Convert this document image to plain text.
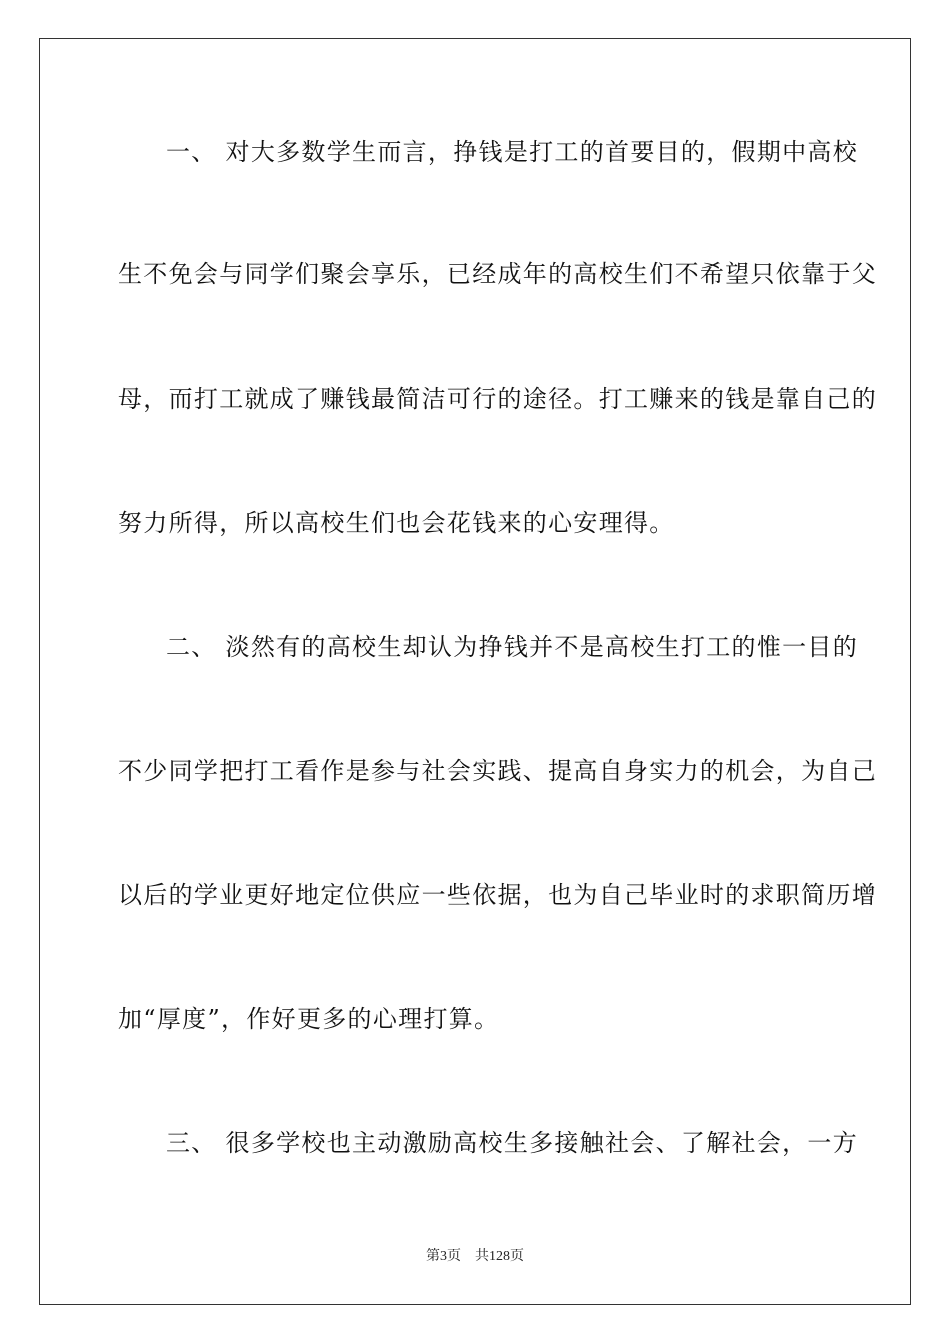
一、 对大多数学生而言，挣钱是打工的首要目的，假期中高校
生不免会与同学们聚会享乐，已经成年的高校生们不希望只依靠于父
母，而打工就成了赚钱最简洁可行的途径。打工赚来的钱是靠自己的
努力所得，所以高校生们也会花钱来的心安理得。
二、 淡然有的高校生却认为挣钱并不是高校生打工的惟一目的
不少同学把打工看作是参与社会实践、提高自身实力的机会，为自己
以后的学业更好地定位供应一些依据，也为自己毕业时的求职简历增
加“厚度”，作好更多的心理打算。
三、 很多学校也主动激励高校生多接触社会、了解社会，一方
第3页 共128页
